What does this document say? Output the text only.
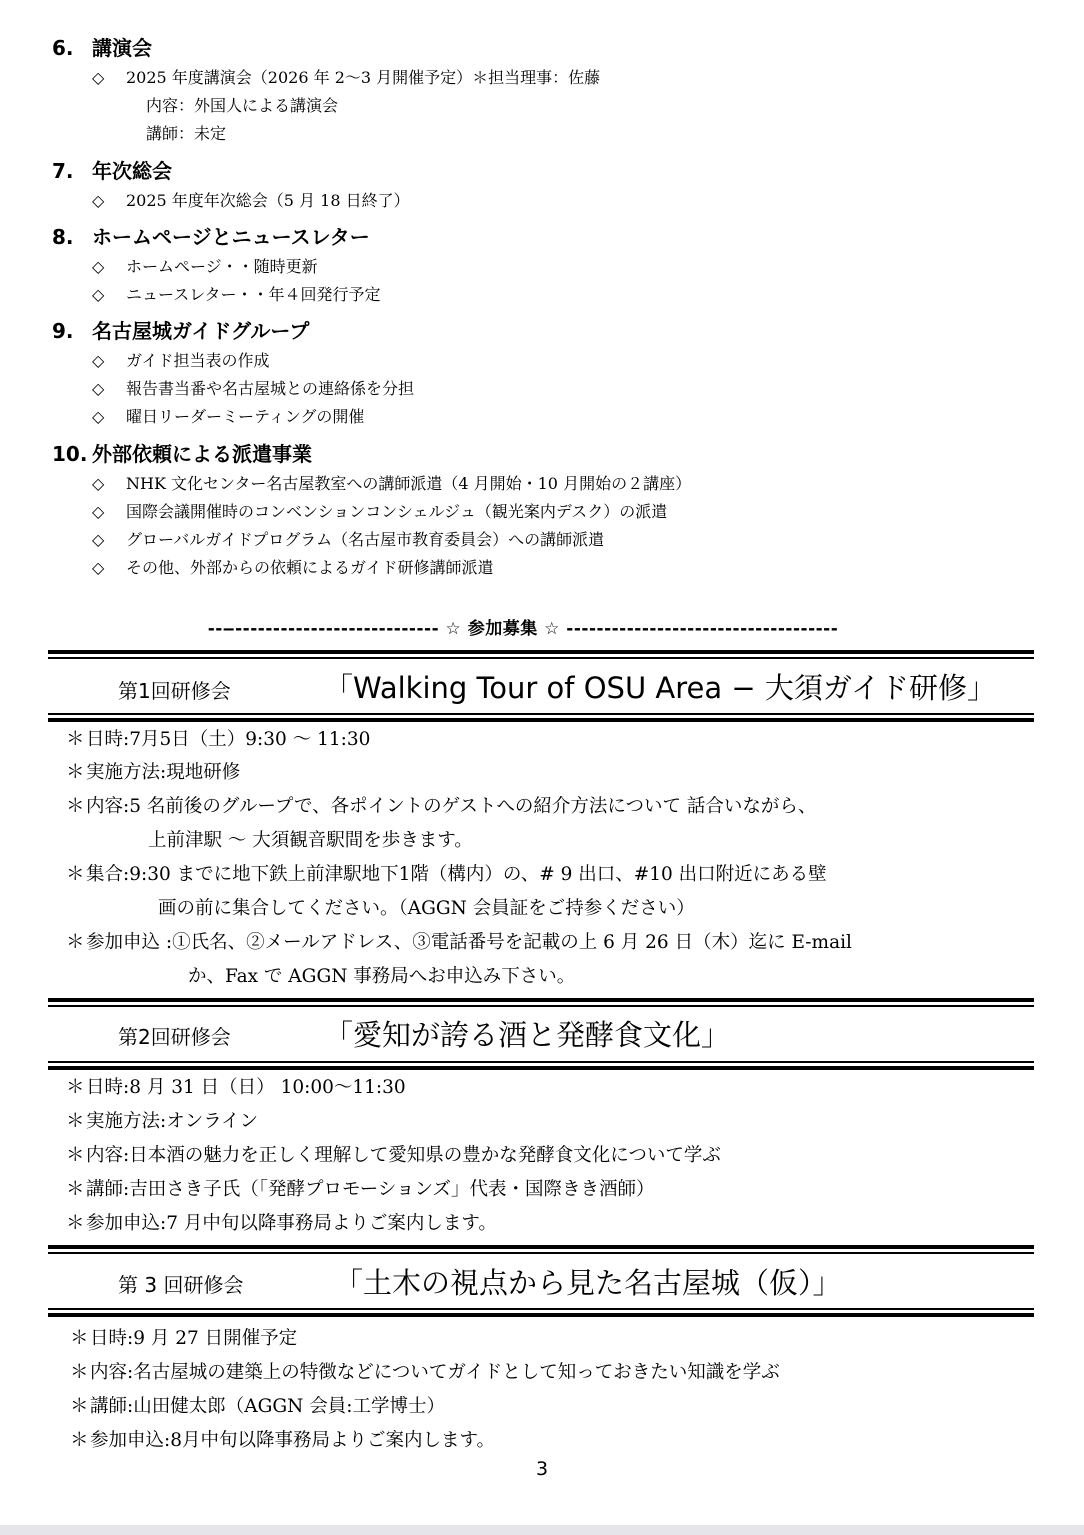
6. 講演会
◇ 2025 年度講演会（2026 年 2～3 月開催予定）＊担当理事：佐藤
内容：外国人による講演会
講師：未定
7. 年次総会
◇ 2025 年度年次総会（5 月 18 日終了）
8. ホームページとニュースレター
◇ ホームページ・・随時更新
◇ ニュースレター・・年４回発行予定
9. 名古屋城ガイドグループ
◇ ガイド担当表の作成
◇ 報告書当番や名古屋城との連絡係を分担
◇ 曜日リーダーミーティングの開催
10. 外部依頼による派遣事業
◇ NHK 文化センター名古屋教室への講師派遣（4 月開始・10 月開始の２講座）
◇ 国際会議開催時のコンベンションコンシェルジュ（観光案内デスク）の派遣
◇ グローバルガイドプログラム（名古屋市教育委員会）への講師派遣
◇ その他、外部からの依頼によるガイド研修講師派遣
--‒--------------------------- ☆ 参加募集 ☆ ------------------------------------
第1回研修会	「Walking Tour of OSU Area − 大須ガイド研修」
＊日時:7月5日（土）9:30 ～ 11:30
＊実施方法:現地研修
＊内容:5 名前後のグループで、各ポイントのゲストへの紹介方法について 話合いながら、
上前津駅 ～ 大須観音駅間を歩きます。
＊集合:9:30 までに地下鉄上前津駅地下1階（構内）の、# 9 出口、#10 出口附近にある壁
画の前に集合してください。（AGGN 会員証をご持参ください）
＊参加申込 :①氏名、②メールアドレス、③電話番号を記載の上 6 月 26 日（木）迄に E-mail
か、Fax で AGGN 事務局へお申込み下さい。
第2回研修会	「愛知が誇る酒と発酵食文化」
＊日時:8 月 31 日（日） 10:00～11:30
＊実施方法:オンライン
＊内容:日本酒の魅力を正しく理解して愛知県の豊かな発酵食文化について学ぶ
＊講師:吉田さき子氏（「発酵プロモーションズ」代表・国際きき酒師）
＊参加申込:7 月中旬以降事務局よりご案内します。
第 3 回研修会	「土木の視点から見た名古屋城（仮）」
＊日時:9 月 27 日開催予定
＊内容:名古屋城の建築上の特徴などについてガイドとして知っておきたい知識を学ぶ
＊講師:山田健太郎（AGGN 会員:工学博士）
＊参加申込:8月中旬以降事務局よりご案内します。
3
